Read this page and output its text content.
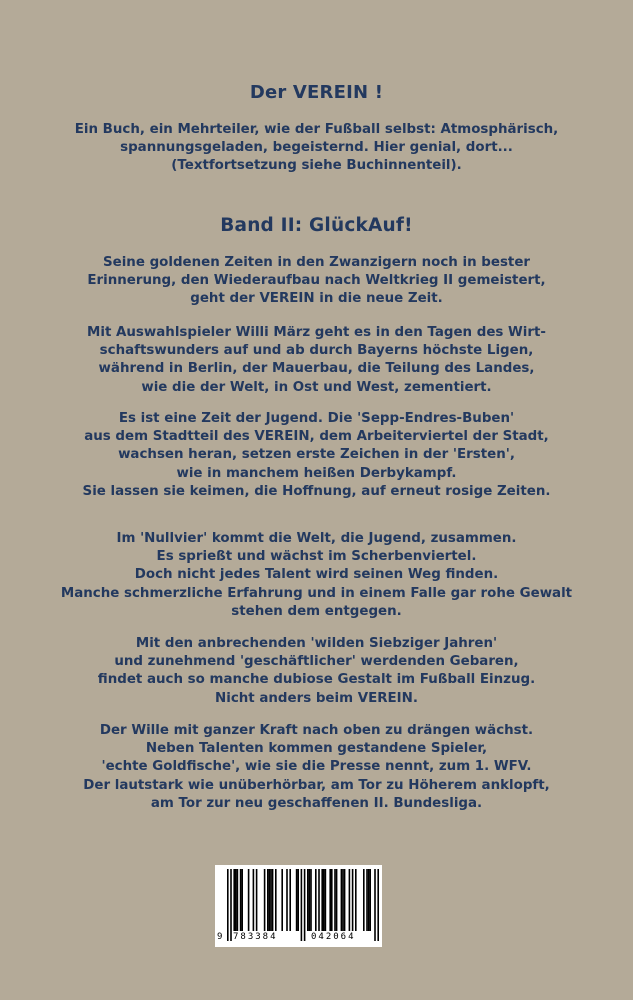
Der VEREIN !
Ein Buch, ein Mehrteiler, wie der Fußball selbst: Atmosphärisch,
spannungsgeladen, begeisternd. Hier genial, dort...
(Textfortsetzung siehe Buchinnenteil).
Band II: GlückAuf!
Seine goldenen Zeiten in den Zwanzigern noch in bester
Erinnerung, den Wiederaufbau nach Weltkrieg II gemeistert,
geht der VEREIN in die neue Zeit.
Mit Auswahlspieler Willi März geht es in den Tagen des Wirt-
schaftswunders auf und ab durch Bayerns höchste Ligen,
während in Berlin, der Mauerbau, die Teilung des Landes,
wie die der Welt, in Ost und West, zementiert.
Es ist eine Zeit der Jugend. Die 'Sepp-Endres-Buben'
aus dem Stadtteil des VEREIN, dem Arbeiterviertel der Stadt,
wachsen heran, setzen erste Zeichen in der 'Ersten',
wie in manchem heißen Derbykampf.
Sie lassen sie keimen, die Hoffnung, auf erneut rosige Zeiten.
Im 'Nullvier' kommt die Welt, die Jugend, zusammen.
Es sprießt und wächst im Scherbenviertel.
Doch nicht jedes Talent wird seinen Weg finden.
Manche schmerzliche Erfahrung und in einem Falle gar rohe Gewalt
stehen dem entgegen.
Mit den anbrechenden 'wilden Siebziger Jahren'
und zunehmend 'geschäftlicher' werdenden Gebaren,
findet auch so manche dubiose Gestalt im Fußball Einzug.
Nicht anders beim VEREIN.
Der Wille mit ganzer Kraft nach oben zu drängen wächst.
Neben Talenten kommen gestandene Spieler,
'echte Goldfische', wie sie die Presse nennt, zum 1. WFV.
Der lautstark wie unüberhörbar, am Tor zu Höherem anklopft,
am Tor zur neu geschaffenen II. Bundesliga.
9 783384	042064
